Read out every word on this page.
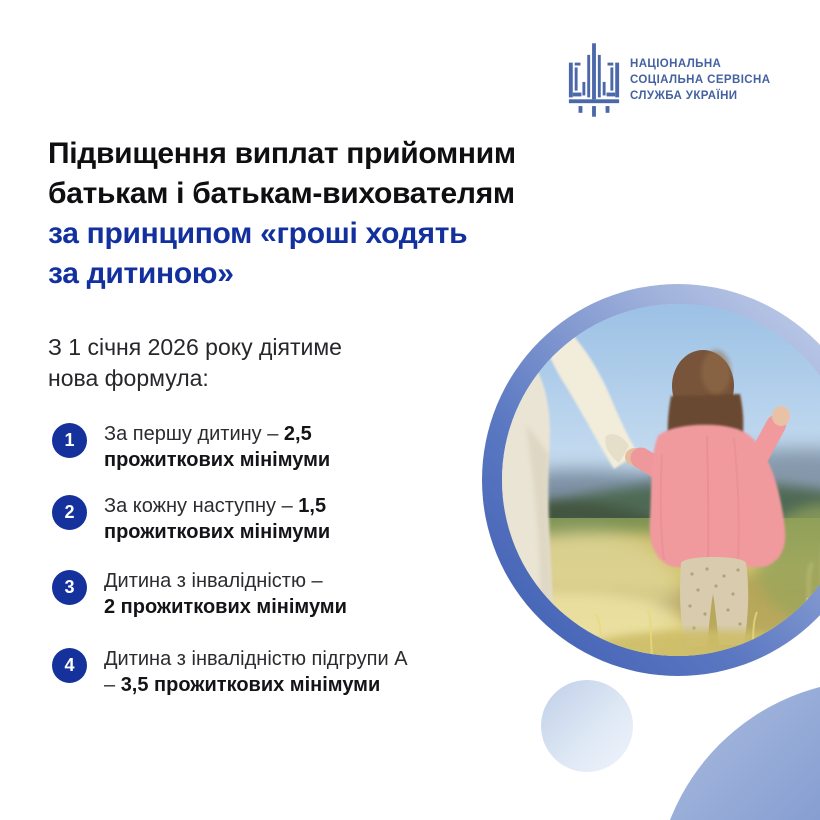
НАЦІОНАЛЬНА
СОЦІАЛЬНА СЕРВІСНА
СЛУЖБА УКРАЇНИ
Підвищення виплат прийомним
батькам і батькам-вихователям
за принципом «гроші ходять
за дитиною»
З 1 січня 2026 року діятиме
нова формула:
1	За першу дитину – 2,5
прожиткових мінімуми
2	За кожну наступну – 1,5
прожиткових мінімуми
3	Дитина з інвалідністю –
2 прожиткових мінімуми
4	Дитина з інвалідністю підгрупи А
– 3,5 прожиткових мінімуми
